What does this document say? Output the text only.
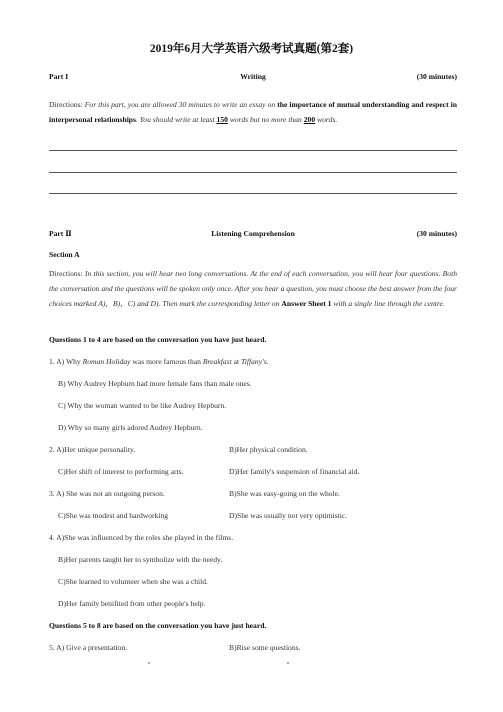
2019年6月大学英语六级考试真题(第2套)
Part I	Writing	(30 minutes)
Directions: For this part, you are allowed 30 minutes to write an essay on the importance of mutual understanding and respect in interpersonal relationships. You should write at least 150 words but no more than 200 words.
Part Ⅱ	Listening Comprehension	(30 minutes)
Section A
Directions: In this section, you will hear two long conversations. At the end of each conversation, you will hear four questions. Both the conversation and the questions will be spoken only once. After you hear a question, you must choose the best answer from the four choices marked A)，B)，C) and D). Then mark the corresponding letter on Answer Sheet 1 with a single line through the centre.
Questions 1 to 4 are based on the conversation you have just heard.
1. A) Why Roman Holiday was more famous than Breakfast at Tiffany's.
B) Why Audrey Hepburn had more female fans than male ones.
C) Why the woman wanted to be like Audrey Hepburn.
D) Why so many girls adored Audrey Hepburn.
2. A)Her unique personality.	B)Her physical condition.
C)Her shift of interest to performing arts.	D)Her family's suspension of financial aid.
3. A) She was not an outgoing person.	B)She was easy-going on the whole.
C)She was modest and hardworking	D)She was usually not very optimistic.
4. A)She was influenced by the roles she played in the films.
B)Her parents taught her to symbolize with the needy.
C)She learned to volunteer when she was a child.
D)Her family benifited from other people's help.
Questions 5 to 8 are based on the conversation you have just heard.
5. A) Give a presentation.	B)Rise some questions.
